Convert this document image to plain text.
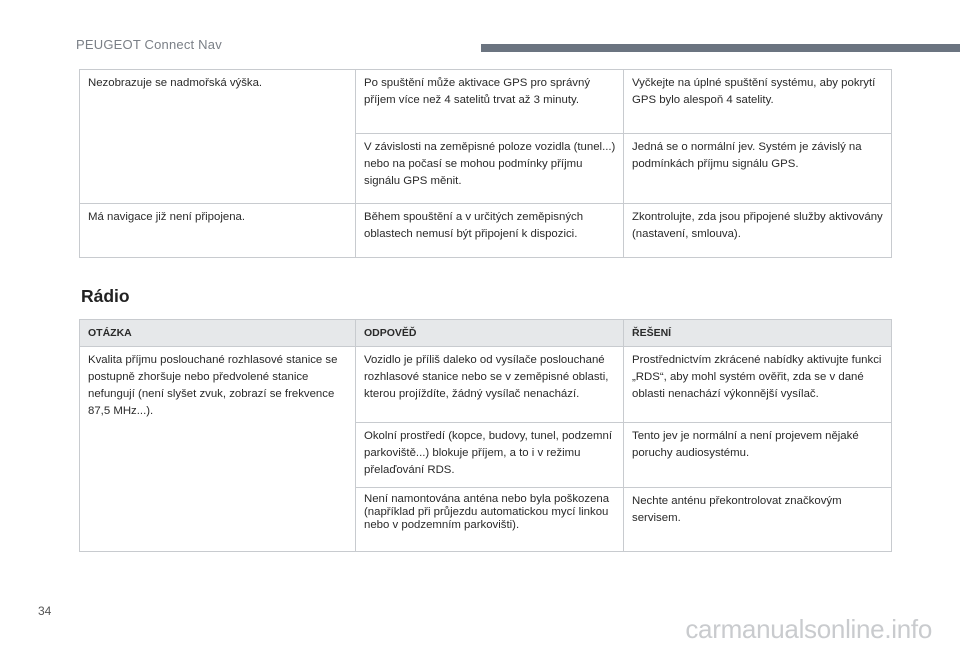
PEUGEOT Connect Nav
Nezobrazuje se nadmořská výška.	Po spuštění může aktivace GPS pro správný příjem více než 4 satelitů trvat až 3 minuty.	Vyčkejte na úplné spuštění systému, aby pokrytí GPS bylo alespoň 4 satelity.
	V závislosti na zeměpisné poloze vozidla (tunel...) nebo na počasí se mohou podmínky příjmu signálu GPS měnit.	Jedná se o normální jev. Systém je závislý na podmínkách příjmu signálu GPS.
Má navigace již není připojena.	Během spouštění a v určitých zeměpisných oblastech nemusí být připojení k dispozici.	Zkontrolujte, zda jsou připojené služby aktivovány (nastavení, smlouva).
Rádio
OTÁZKA	ODPOVĚĎ	ŘEŠENÍ
Kvalita příjmu poslouchané rozhlasové stanice se postupně zhoršuje nebo předvolené stanice nefungují (není slyšet zvuk, zobrazí se frekvence 87,5 MHz...).	Vozidlo je příliš daleko od vysílače poslouchané rozhlasové stanice nebo se v zeměpisné oblasti, kterou projíždíte, žádný vysílač nenachází.	Prostřednictvím zkrácené nabídky aktivujte funkci „RDS“, aby mohl systém ověřit, zda se v dané oblasti nenachází výkonnější vysílač.
	Okolní prostředí (kopce, budovy, tunel, podzemní parkoviště...) blokuje příjem, a to i v režimu přelaďování RDS.	Tento jev je normální a není projevem nějaké poruchy audiosystému.
	Není namontována anténa nebo byla poškozena (například při průjezdu automatickou mycí linkou nebo v podzemním parkovišti).	Nechte anténu překontrolovat značkovým servisem.
34
carmanualsonline.info
